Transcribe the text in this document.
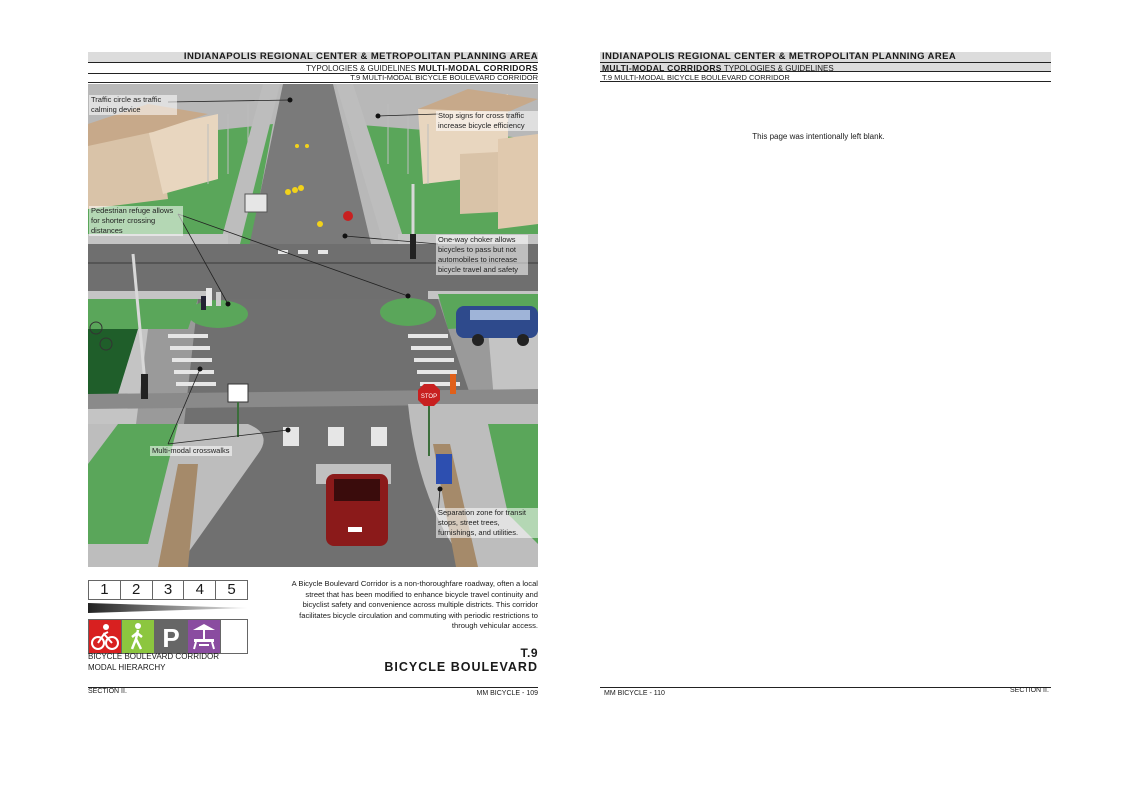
INDIANAPOLIS REGIONAL CENTER & METROPOLITAN PLANNING AREA
TYPOLOGIES & GUIDELINES MULTI-MODAL CORRIDORS
T.9 MULTI-MODAL BICYCLE BOULEVARD CORRIDOR
STOP
Traffic circle as traffic calming device
Stop signs for cross traffic increase bicycle efficiency
Pedestrian refuge allows for shorter crossing distances
One-way choker allows bicycles to pass but not automobiles to increase bicycle travel and safety
Multi-modal crosswalks
Separation zone for transit stops, street trees, furnishings, and utilities.
1	2	3	4	5
P
BICYCLE BOULEVARD CORRIDOR
MODAL HIERARCHY
A Bicycle Boulevard Corridor is a non-thoroughfare roadway, often a local street that has been modified to enhance bicycle travel continuity and bicyclist safety and convenience across multiple districts. This corridor facilitates bicycle circulation and commuting with periodic restrictions to through vehicular access.
T.9
BICYCLE BOULEVARD
SECTION II.	MM BICYCLE - 109
INDIANAPOLIS REGIONAL CENTER & METROPOLITAN PLANNING AREA
MULTI-MODAL CORRIDORS TYPOLOGIES & GUIDELINES
T.9 MULTI-MODAL BICYCLE BOULEVARD CORRIDOR
This page was intentionally left blank.
MM BICYCLE - 110	SECTION II.
